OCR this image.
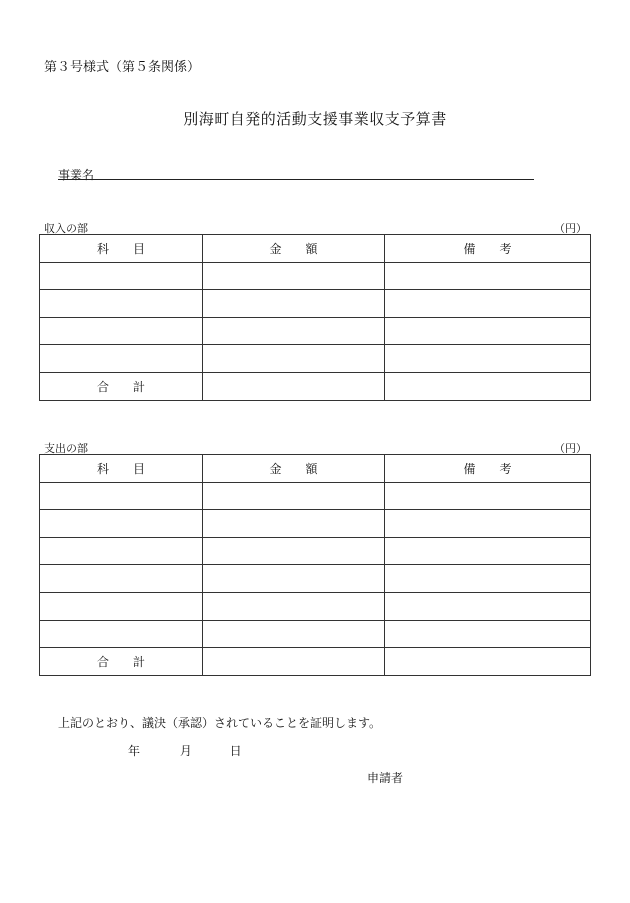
第３号様式（第５条関係）
別海町自発的活動支援事業収支予算書
事業名
収入の部	（円）
科目	金額	備考

合計		
支出の部	（円）
科目	金額	備考

合計		
上記のとおり、議決（承認）されていることを証明します。
年	月	日
申請者
